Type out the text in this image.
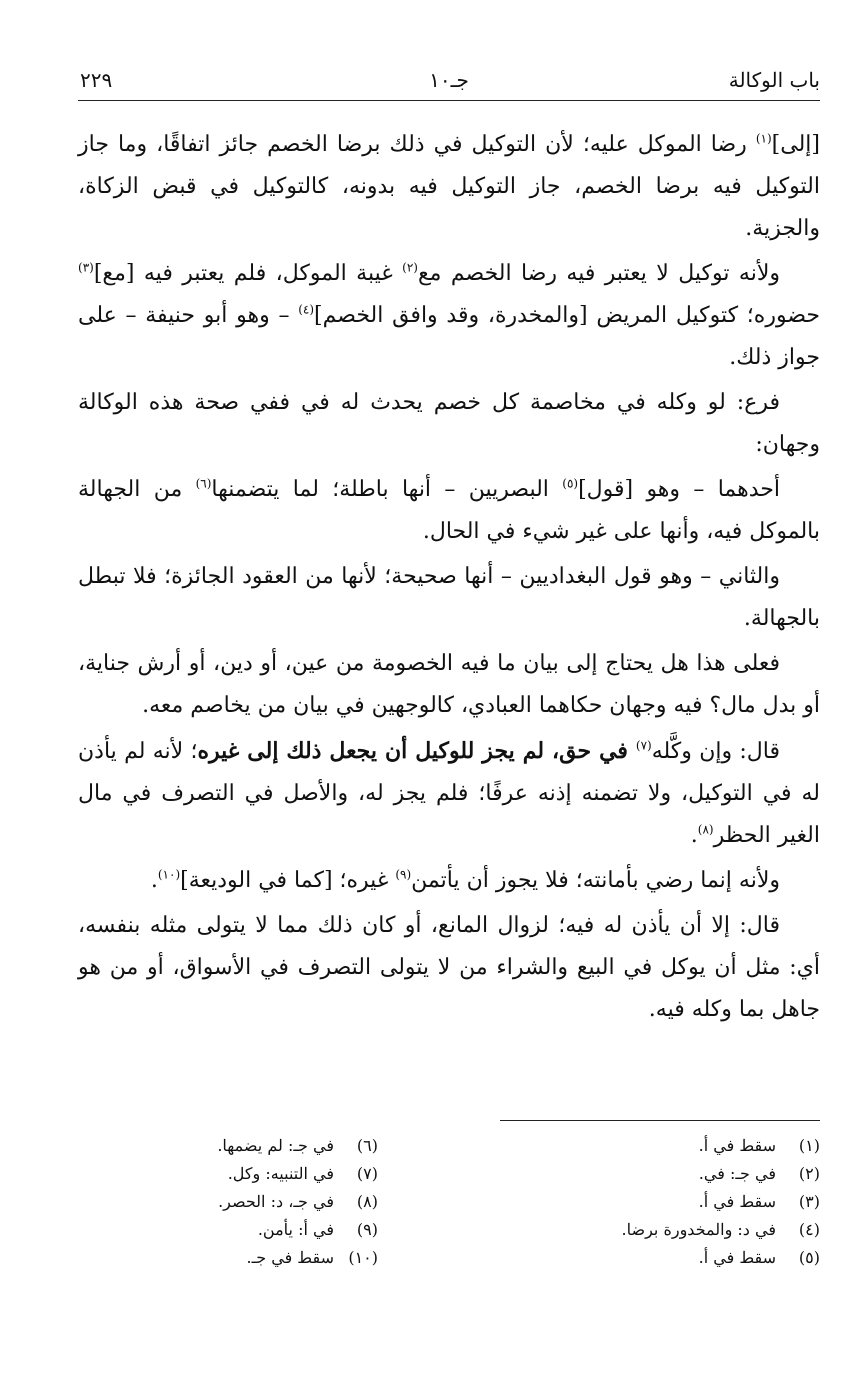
باب الوكالة
جـ١٠
٢٢٩

[إلى]$^{(١)}$ رضا الموكل عليه؛ لأن التوكيل في ذلك برضا الخصم جائز اتفاقًا، وما جاز التوكيل فيه برضا الخصم، جاز التوكيل فيه بدونه، كالتوكيل في قبض الزكاة، والجزية.

ولأنه توكيل لا يعتبر فيه رضا الخصم مع$^{(٢)}$ غيبة الموكل، فلم يعتبر فيه [مع]$^{(٣)}$ حضوره؛ كتوكيل المريض [والمخدرة، وقد وافق الخصم]$^{(٤)}$ – وهو أبو حنيفة – على جواز ذلك.

فرع: لو وكله في مخاصمة كل خصم يحدث له في ففي صحة هذه الوكالة وجهان:

أحدهما – وهو [قول]$^{(٥)}$ البصريين – أنها باطلة؛ لما يتضمنها$^{(٦)}$ من الجهالة بالموكل فيه، وأنها على غير شيء في الحال.

والثاني – وهو قول البغداديين – أنها صحيحة؛ لأنها من العقود الجائزة؛ فلا تبطل بالجهالة.

فعلى هذا هل يحتاج إلى بيان ما فيه الخصومة من عين، أو دين، أو أرش جناية، أو بدل مال؟ فيه وجهان حكاهما العبادي، كالوجهين في بيان من يخاصم معه.

قال: وإن وكَّله$^{(٧)}$ في حق، لم يجز للوكيل أن يجعل ذلك إلى غيره؛ لأنه لم يأذن له في التوكيل، ولا تضمنه إذنه عرفًا؛ فلم يجز له، والأصل في التصرف في مال الغير الحظر$^{(٨)}$.

ولأنه إنما رضي بأمانته؛ فلا يجوز أن يأتمن$^{(٩)}$ غيره؛ [كما في الوديعة]$^{(١٠)}$.

قال: إلا أن يأذن له فيه؛ لزوال المانع، أو كان ذلك مما لا يتولى مثله بنفسه، أي: مثل أن يوكل في البيع والشراء من لا يتولى التصرف في الأسواق، أو من هو جاهل بما وكله فيه.

(١)
سقط في أ.
(٢)
في جـ: في.
(٣)
سقط في أ.
(٤)
في د: والمخدورة برضا.
(٥)
سقط في أ.
(٦)
في جـ: لم يضمها.
(٧)
في التنبيه: وكل.
(٨)
في جـ، د: الحصر.
(٩)
في أ: يأمن.
(١٠)
سقط في جـ.
